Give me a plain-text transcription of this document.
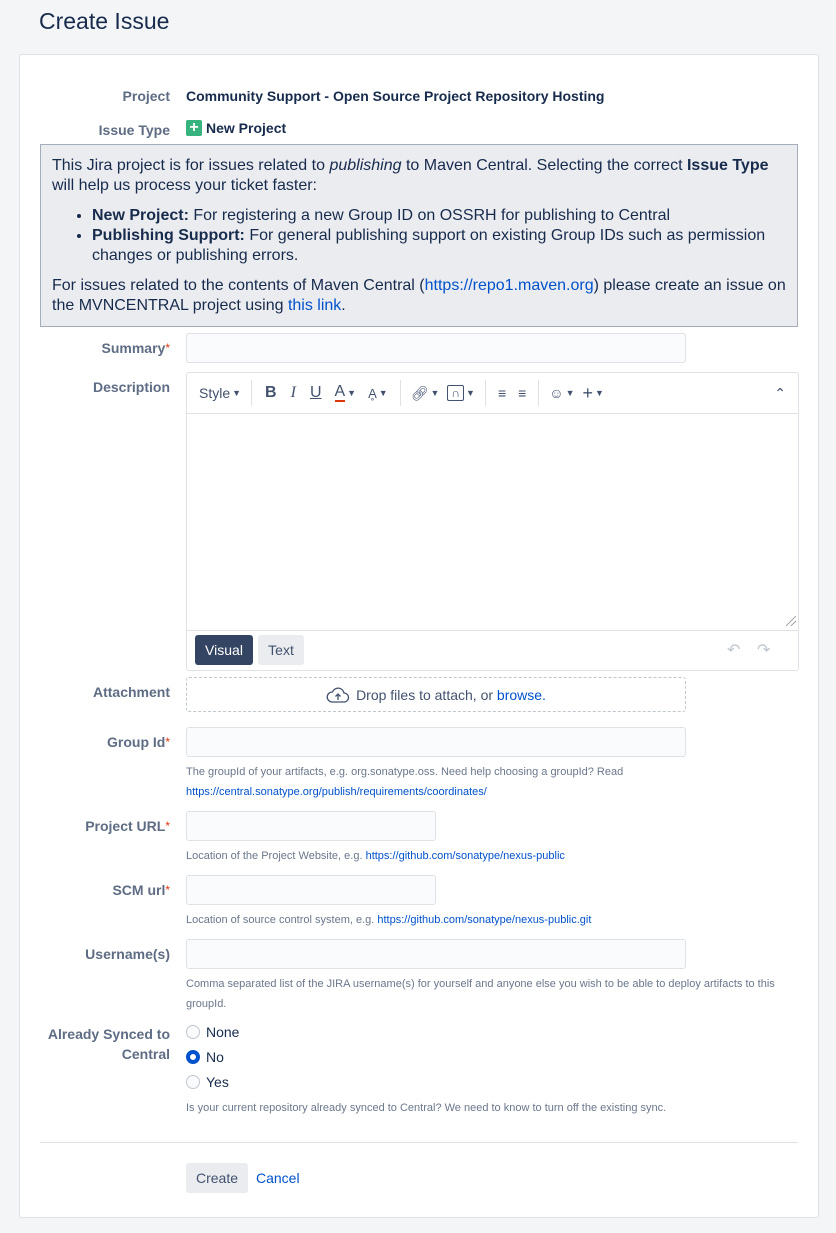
Create Issue
Project Community Support - Open Source Project Repository Hosting
Issue Type + New Project

This Jira project is for issues related to publishing to Maven Central. Selecting the correct Issue Type will help us process your ticket faster:

• New Project: For registering a new Group ID on OSSRH for publishing to Central
• Publishing Support: For general publishing support on existing Group IDs such as permission changes or publishing errors.

For issues related to the contents of Maven Central (https://repo1.maven.org) please create an issue on the MVNCENTRAL project using this link.

Summary*
Description Style ▼	B I U A ▼ Ḁ ▼ 🔗︎ ▼	∩ ▼ ≡ ≡ ☺ ▼ + ▼	⌃
Visual	Text	↶ ↷
Attachment	Drop files to attach, or browse.
Group Id*
The groupId of your artifacts, e.g. org.sonatype.oss. Need help choosing a groupId? Read
https://central.sonatype.org/publish/requirements/coordinates/
Project URL*
Location of the Project Website, e.g. https://github.com/sonatype/nexus-public
SCM url*
Location of source control system, e.g. https://github.com/sonatype/nexus-public.git
Username(s)
Comma separated list of the JIRA username(s) for yourself and anyone else you wish to be able to deploy artifacts to this groupId.
Already Synced to
Central
None
No
Yes
Is your current repository already synced to Central? We need to know to turn off the existing sync.
Create	Cancel
